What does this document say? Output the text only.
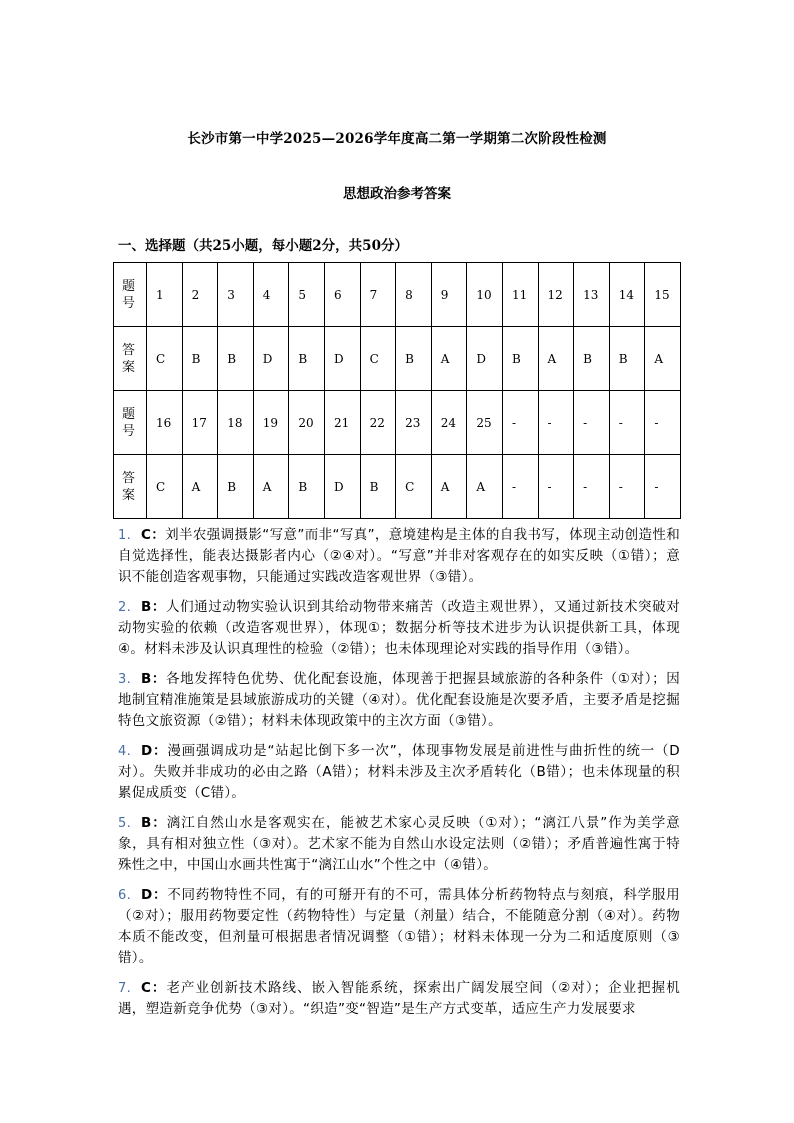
长沙市第一中学2025—2026学年度高二第一学期第二次阶段性检测
思想政治参考答案
一、选择题（共25小题，每小题2分，共50分）
题
号	1	2	3	4	5	6	7	8	9	10	11	12	13	14	15

答
案	C	B	B	D	B	D	C	B	A	D	B	A	B	B	A

题
号	16	17	18	19	20	21	22	23	24	25	-	-	-	-	-

答
案	C	A	B	A	B	D	B	C	A	A	-	-	-	-	-
1. C：刘半农强调摄影“写意”而非“写真”，意境建构是主体的自我书写，体现主动创造性和自觉选择性，能表达摄影者内心（②④对）。“写意”并非对客观存在的如实反映（①错）；意识不能创造客观事物，只能通过实践改造客观世界（③错）。
2. B：人们通过动物实验认识到其给动物带来痛苦（改造主观世界），又通过新技术突破对动物实验的依赖（改造客观世界），体现①；数据分析等技术进步为认识提供新工具，体现④。材料未涉及认识真理性的检验（②错）；也未体现理论对实践的指导作用（③错）。
3. B：各地发挥特色优势、优化配套设施，体现善于把握县域旅游的各种条件（①对）；因地制宜精准施策是县域旅游成功的关键（④对）。优化配套设施是次要矛盾，主要矛盾是挖掘特色文旅资源（②错）；材料未体现政策中的主次方面（③错）。
4. D：漫画强调成功是“站起比倒下多一次”，体现事物发展是前进性与曲折性的统一（D对）。失败并非成功的必由之路（A错）；材料未涉及主次矛盾转化（B错）；也未体现量的积累促成质变（C错）。
5. B：漓江自然山水是客观实在，能被艺术家心灵反映（①对）；“漓江八景”作为美学意象，具有相对独立性（③对）。艺术家不能为自然山水设定法则（②错）；矛盾普遍性寓于特殊性之中，中国山水画共性寓于“漓江山水”个性之中（④错）。
6. D：不同药物特性不同，有的可掰开有的不可，需具体分析药物特点与刻痕，科学服用（②对）；服用药物要定性（药物特性）与定量（剂量）结合，不能随意分割（④对）。药物本质不能改变，但剂量可根据患者情况调整（①错）；材料未体现一分为二和适度原则（③错）。
7. C：老产业创新技术路线、嵌入智能系统，探索出广阔发展空间（②对）；企业把握机遇，塑造新竞争优势（③对）。“织造”变“智造”是生产方式变革，适应生产力发展要求
